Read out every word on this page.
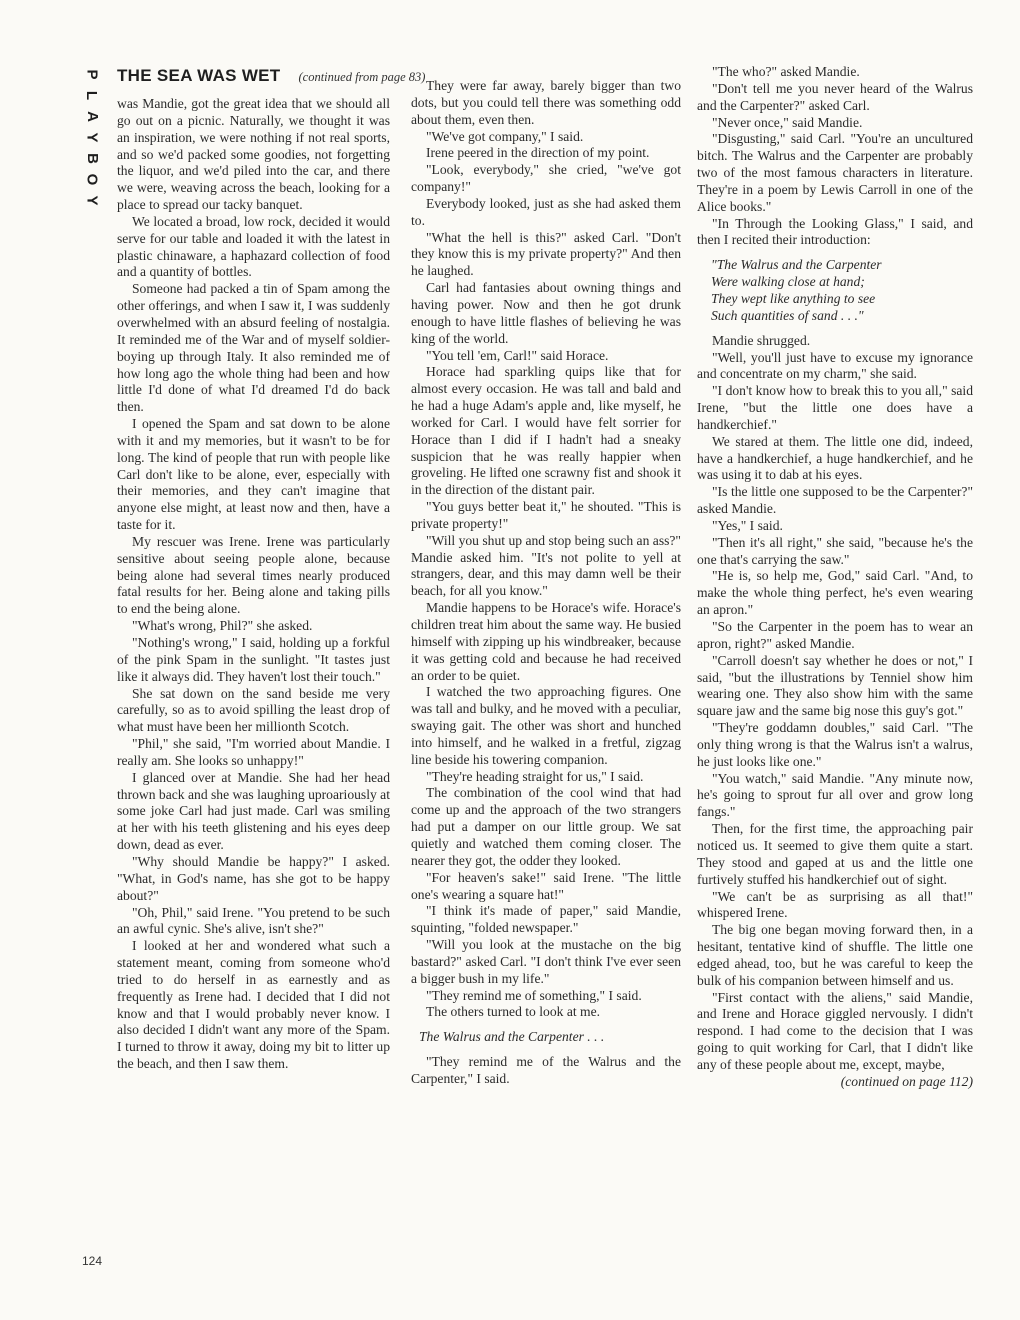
P
L
A
Y
B
O
Y
THE SEA WAS WET (continued from page 83)

was Mandie, got the great idea that we should all go out on a picnic. Naturally, we thought it was an inspiration, we were nothing if not real sports, and so we'd packed some goodies, not forgetting the liquor, and we'd piled into the car, and there we were, weaving across the beach, looking for a place to spread our tacky banquet.

We located a broad, low rock, decided it would serve for our table and loaded it with the latest in plastic chinaware, a haphazard collection of food and a quantity of bottles.

Someone had packed a tin of Spam among the other offerings, and when I saw it, I was suddenly overwhelmed with an absurd feeling of nostalgia. It reminded me of the War and of myself soldier-boying up through Italy. It also reminded me of how long ago the whole thing had been and how little I'd done of what I'd dreamed I'd do back then.

I opened the Spam and sat down to be alone with it and my memories, but it wasn't to be for long. The kind of people that run with people like Carl don't like to be alone, ever, especially with their memories, and they can't imagine that anyone else might, at least now and then, have a taste for it.

My rescuer was Irene. Irene was particularly sensitive about seeing people alone, because being alone had several times nearly produced fatal results for her. Being alone and taking pills to end the being alone.

"What's wrong, Phil?" she asked.

"Nothing's wrong," I said, holding up a forkful of the pink Spam in the sunlight. "It tastes just like it always did. They haven't lost their touch."

She sat down on the sand beside me very carefully, so as to avoid spilling the least drop of what must have been her millionth Scotch.

"Phil," she said, "I'm worried about Mandie. I really am. She looks so unhappy!"

I glanced over at Mandie. She had her head thrown back and she was laughing uproariously at some joke Carl had just made. Carl was smiling at her with his teeth glistening and his eyes deep down, dead as ever.

"Why should Mandie be happy?" I asked. "What, in God's name, has she got to be happy about?"

"Oh, Phil," said Irene. "You pretend to be such an awful cynic. She's alive, isn't she?"

I looked at her and wondered what such a statement meant, coming from someone who'd tried to do herself in as earnestly and as frequently as Irene had. I decided that I did not know and that I would probably never know. I also decided I didn't want any more of the Spam. I turned to throw it away, doing my bit to litter up the beach, and then I saw them.

They were far away, barely bigger than two dots, but you could tell there was something odd about them, even then.

"We've got company," I said.

Irene peered in the direction of my point.

"Look, everybody," she cried, "we've got company!"

Everybody looked, just as she had asked them to.

"What the hell is this?" asked Carl. "Don't they know this is my private property?" And then he laughed.

Carl had fantasies about owning things and having power. Now and then he got drunk enough to have little flashes of believing he was king of the world.

"You tell 'em, Carl!" said Horace.

Horace had sparkling quips like that for almost every occasion. He was tall and bald and he had a huge Adam's apple and, like myself, he worked for Carl. I would have felt sorrier for Horace than I did if I hadn't had a sneaky suspicion that he was really happier when groveling. He lifted one scrawny fist and shook it in the direction of the distant pair.

"You guys better beat it," he shouted. "This is private property!"

"Will you shut up and stop being such an ass?" Mandie asked him. "It's not polite to yell at strangers, dear, and this may damn well be their beach, for all you know."

Mandie happens to be Horace's wife. Horace's children treat him about the same way. He busied himself with zipping up his windbreaker, because it was getting cold and because he had received an order to be quiet.

I watched the two approaching figures. One was tall and bulky, and he moved with a peculiar, swaying gait. The other was short and hunched into himself, and he walked in a fretful, zigzag line beside his towering companion.

"They're heading straight for us," I said.

The combination of the cool wind that had come up and the approach of the two strangers had put a damper on our little group. We sat quietly and watched them coming closer. The nearer they got, the odder they looked.

"For heaven's sake!" said Irene. "The little one's wearing a square hat!"

"I think it's made of paper," said Mandie, squinting, "folded newspaper."

"Will you look at the mustache on the big bastard?" asked Carl. "I don't think I've ever seen a bigger bush in my life."

"They remind me of something," I said.

The others turned to look at me.

The Walrus and the Carpenter . . .

"They remind me of the Walrus and the Carpenter," I said.

"The who?" asked Mandie.

"Don't tell me you never heard of the Walrus and the Carpenter?" asked Carl.

"Never once," said Mandie.

"Disgusting," said Carl. "You're an uncultured bitch. The Walrus and the Carpenter are probably two of the most famous characters in literature. They're in a poem by Lewis Carroll in one of the Alice books."

"In Through the Looking Glass," I said, and then I recited their introduction:

"The Walrus and the Carpenter

Were walking close at hand;

They wept like anything to see

Such quantities of sand . . ."

Mandie shrugged.

"Well, you'll just have to excuse my ignorance and concentrate on my charm," she said.

"I don't know how to break this to you all," said Irene, "but the little one does have a handkerchief."

We stared at them. The little one did, indeed, have a handkerchief, a huge handkerchief, and he was using it to dab at his eyes.

"Is the little one supposed to be the Carpenter?" asked Mandie.

"Yes," I said.

"Then it's all right," she said, "because he's the one that's carrying the saw."

"He is, so help me, God," said Carl. "And, to make the whole thing perfect, he's even wearing an apron."

"So the Carpenter in the poem has to wear an apron, right?" asked Mandie.

"Carroll doesn't say whether he does or not," I said, "but the illustrations by Tenniel show him wearing one. They also show him with the same square jaw and the same big nose this guy's got."

"They're goddamn doubles," said Carl. "The only thing wrong is that the Walrus isn't a walrus, he just looks like one."

"You watch," said Mandie. "Any minute now, he's going to sprout fur all over and grow long fangs."

Then, for the first time, the approaching pair noticed us. It seemed to give them quite a start. They stood and gaped at us and the little one furtively stuffed his handkerchief out of sight.

"We can't be as surprising as all that!" whispered Irene.

The big one began moving forward then, in a hesitant, tentative kind of shuffle. The little one edged ahead, too, but he was careful to keep the bulk of his companion between himself and us.

"First contact with the aliens," said Mandie, and Irene and Horace giggled nervously. I didn't respond. I had come to the decision that I was going to quit working for Carl, that I didn't like any of these people about me, except, maybe,

(continued on page 112)

124
